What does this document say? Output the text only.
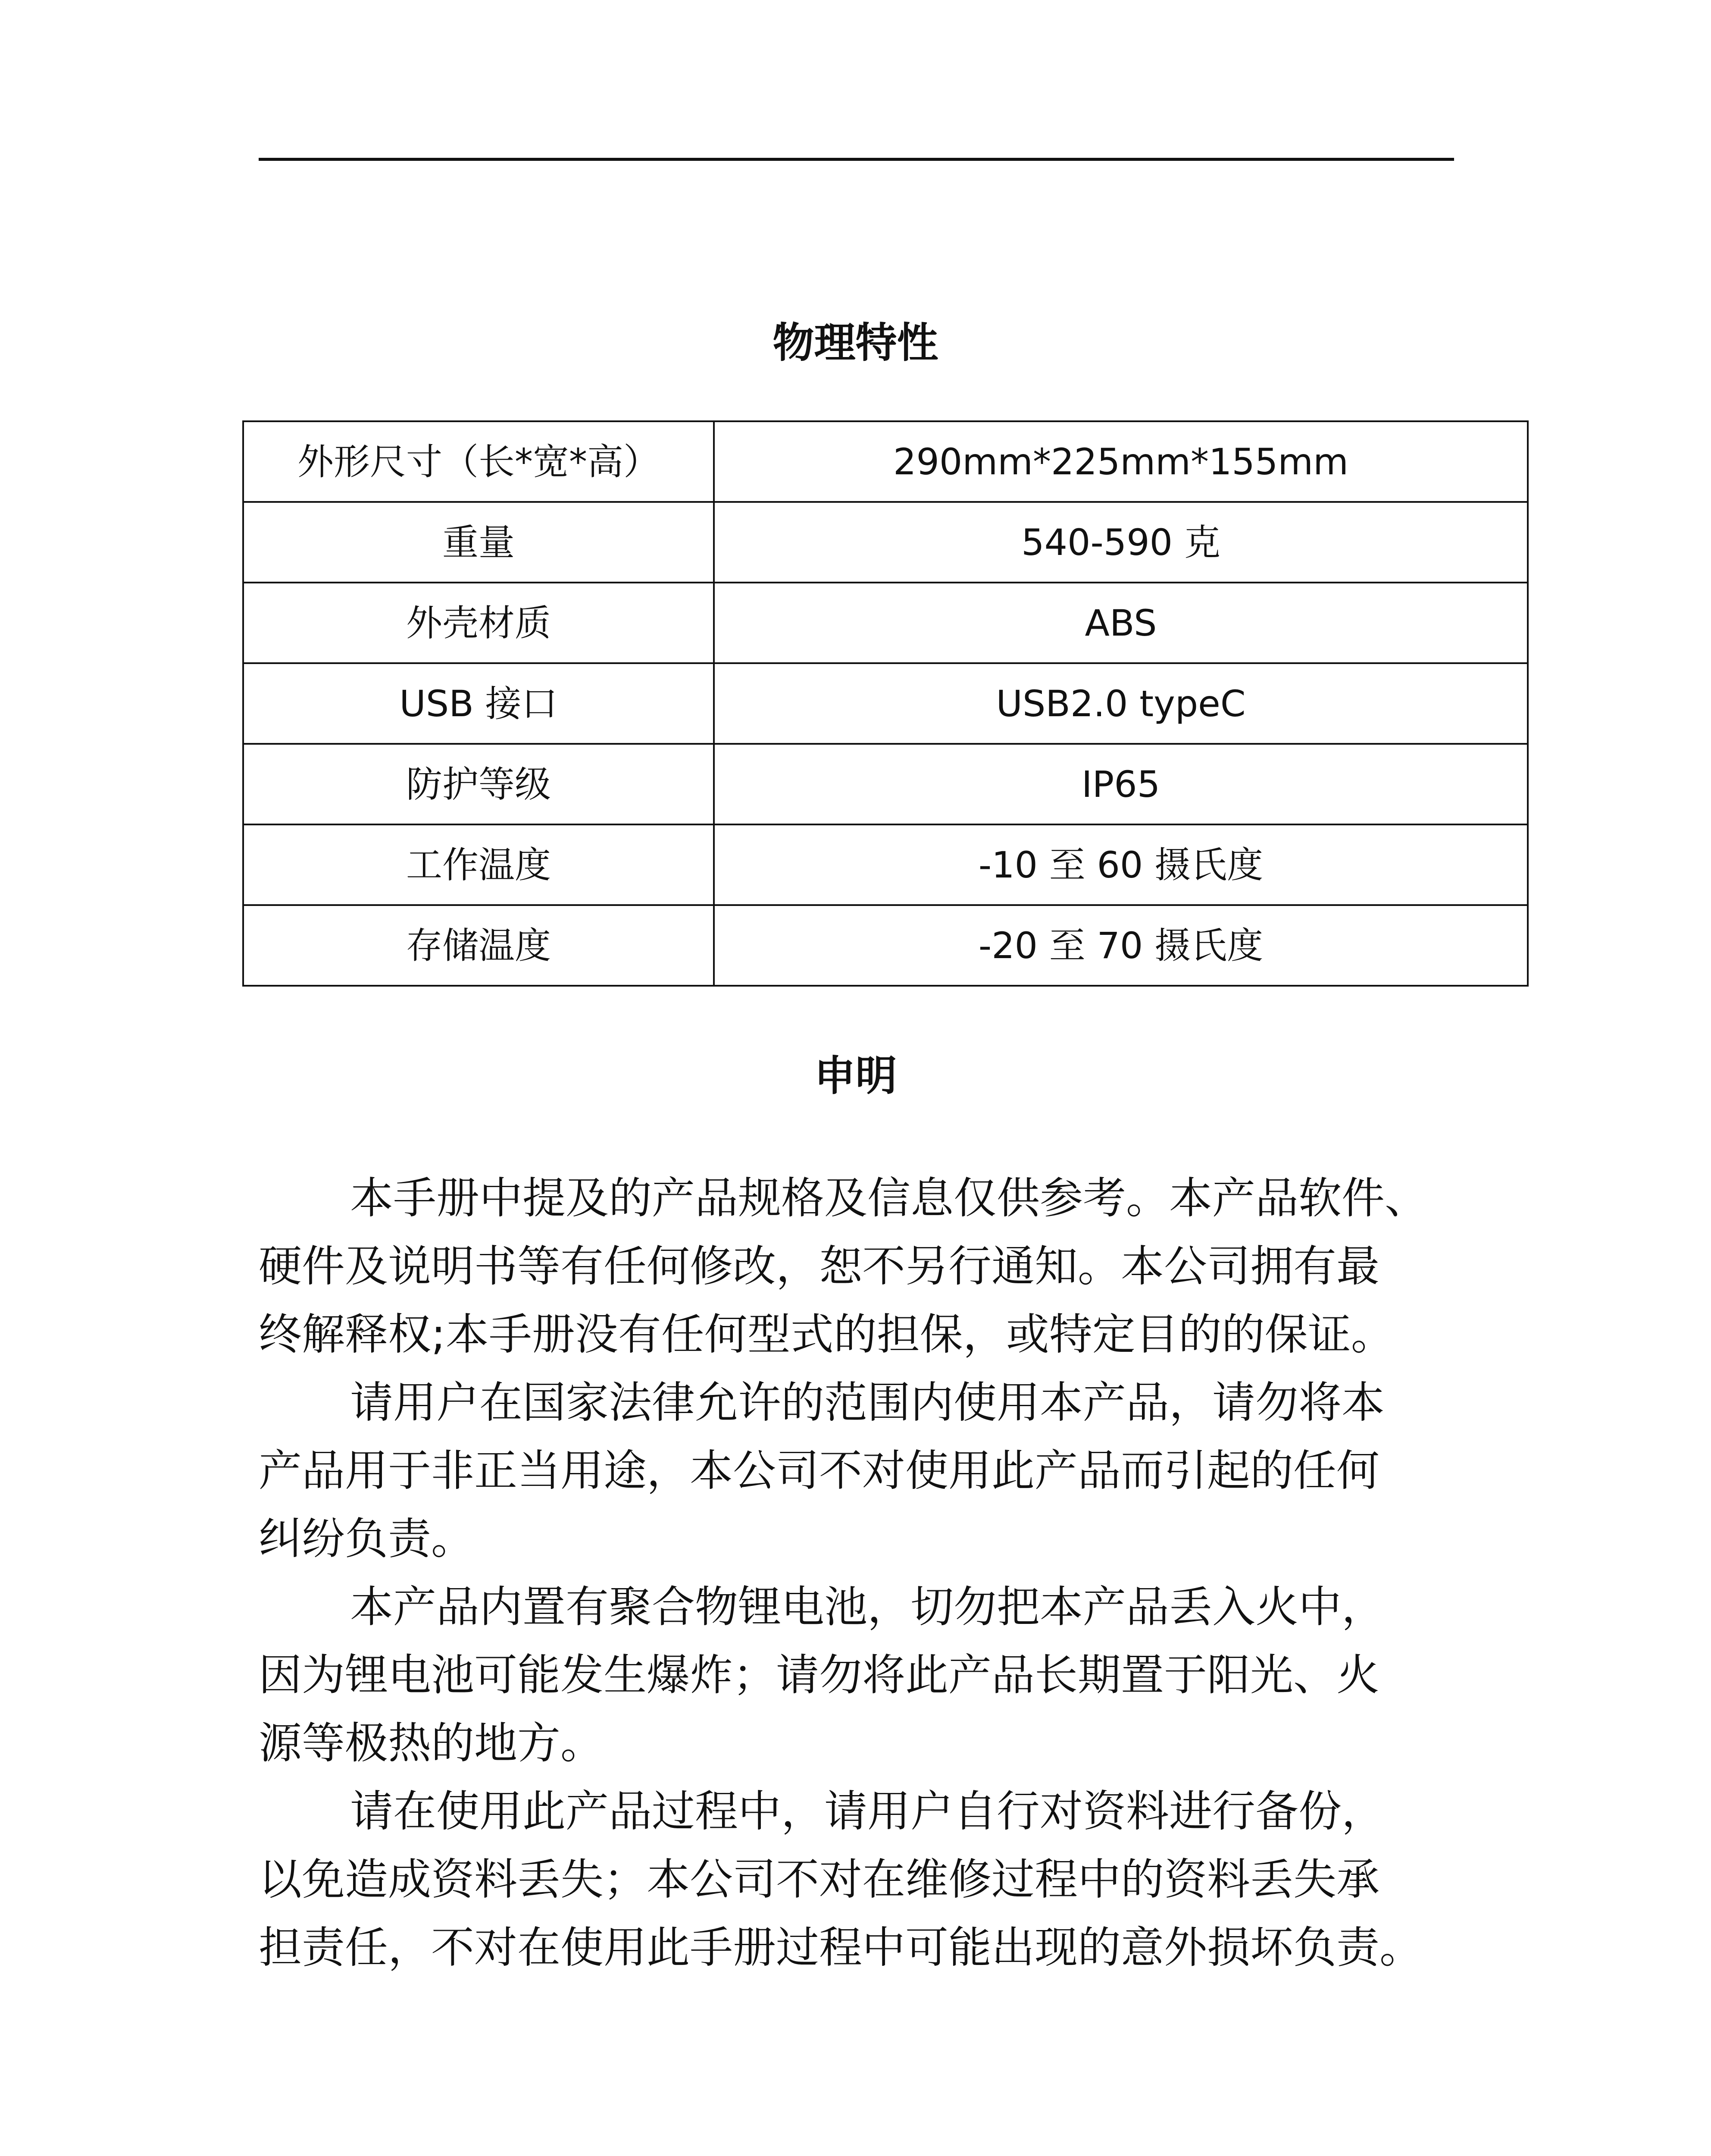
物理特性
外形尺寸（长*宽*高）	290mm*225mm*155mm
重量	540-590 克
外壳材质	ABS
USB 接口	USB2.0 typeC
防护等级	IP65
工作温度	-10 至 60 摄氏度
存储温度	-20 至 70 摄氏度
申明

本手册中提及的产品规格及信息仅供参考。本产品软件、
硬件及说明书等有任何修改，恕不另行通知。本公司拥有最
终解释权;本手册没有任何型式的担保，或特定目的的保证。

请用户在国家法律允许的范围内使用本产品，请勿将本
产品用于非正当用途，本公司不对使用此产品而引起的任何
纠纷负责。

本产品内置有聚合物锂电池，切勿把本产品丢入火中，
因为锂电池可能发生爆炸；请勿将此产品长期置于阳光、火
源等极热的地方。

请在使用此产品过程中，请用户自行对资料进行备份，
以免造成资料丢失；本公司不对在维修过程中的资料丢失承
担责任，不对在使用此手册过程中可能出现的意外损坏负责。
